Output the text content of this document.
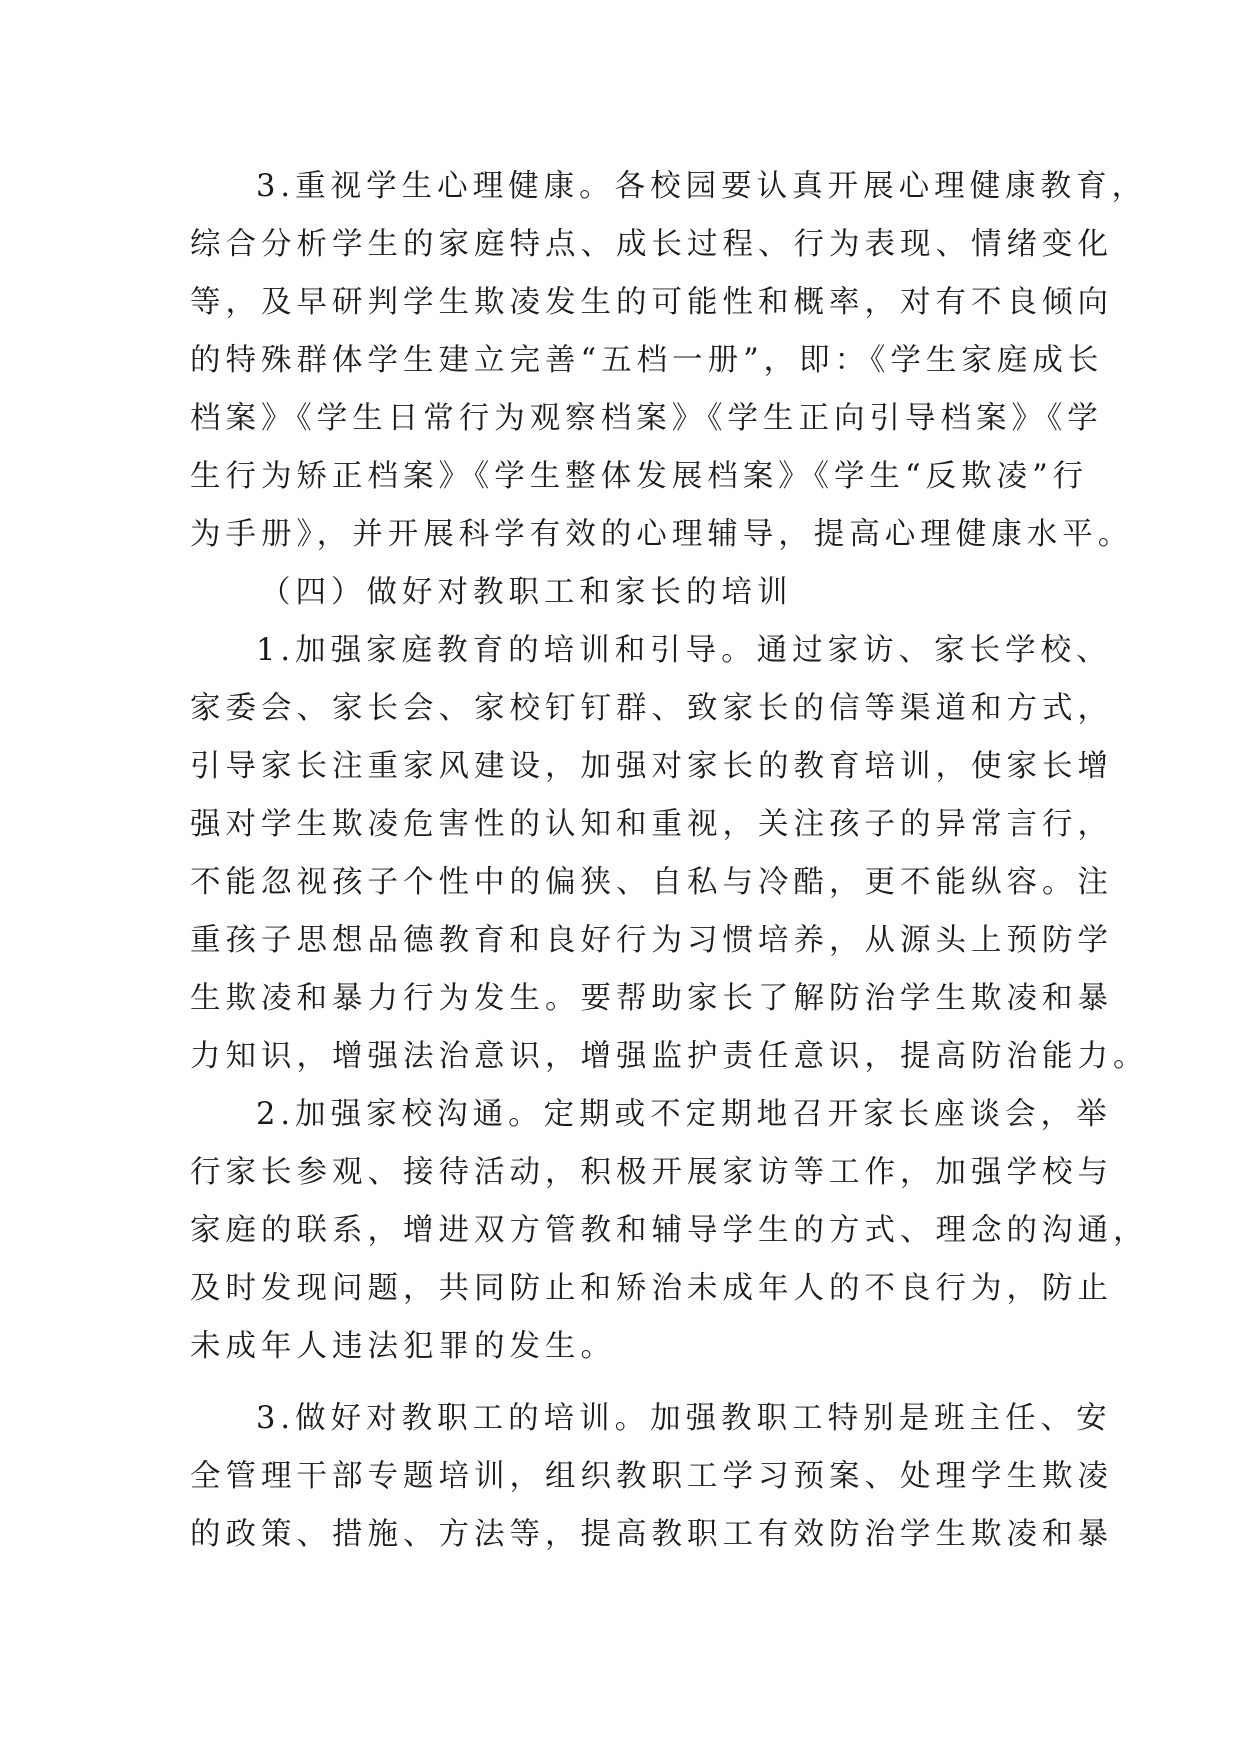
3.重视学生心理健康。各校园要认真开展心理健康教育，

综合分析学生的家庭特点、成长过程、行为表现、情绪变化

等，及早研判学生欺凌发生的可能性和概率，对有不良倾向

的特殊群体学生建立完善“五档一册”，即：《学生家庭成长

档案》《学生日常行为观察档案》《学生正向引导档案》《学

生行为矫正档案》《学生整体发展档案》《学生“反欺凌”行

为手册》，并开展科学有效的心理辅导，提高心理健康水平。

（四）做好对教职工和家长的培训

1.加强家庭教育的培训和引导。通过家访、家长学校、

家委会、家长会、家校钉钉群、致家长的信等渠道和方式，

引导家长注重家风建设，加强对家长的教育培训，使家长增

强对学生欺凌危害性的认知和重视，关注孩子的异常言行，

不能忽视孩子个性中的偏狭、自私与冷酷，更不能纵容。注

重孩子思想品德教育和良好行为习惯培养，从源头上预防学

生欺凌和暴力行为发生。要帮助家长了解防治学生欺凌和暴

力知识，增强法治意识，增强监护责任意识，提高防治能力。

2.加强家校沟通。定期或不定期地召开家长座谈会，举

行家长参观、接待活动，积极开展家访等工作，加强学校与

家庭的联系，增进双方管教和辅导学生的方式、理念的沟通，

及时发现问题，共同防止和矫治未成年人的不良行为，防止

未成年人违法犯罪的发生。

3.做好对教职工的培训。加强教职工特别是班主任、安

全管理干部专题培训，组织教职工学习预案、处理学生欺凌

的政策、措施、方法等，提高教职工有效防治学生欺凌和暴
